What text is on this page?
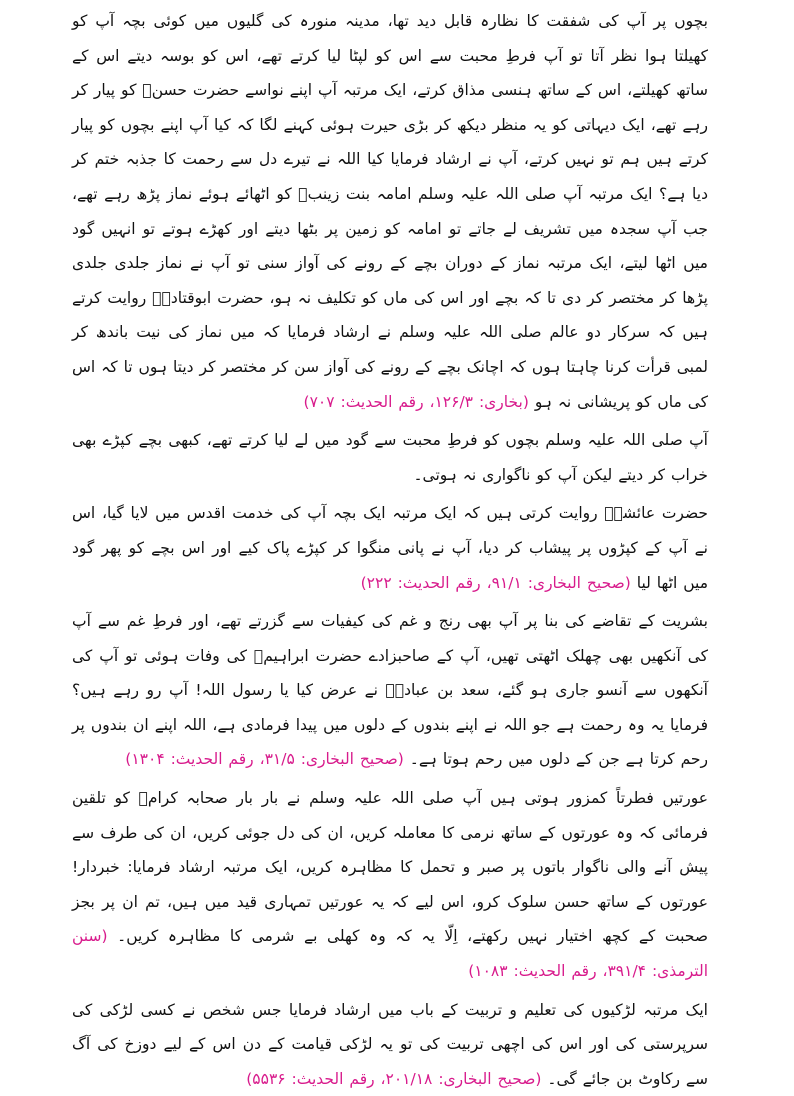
بچوں پر آپ کی شفقت کا نظارہ قابل دید تھا، مدینہ منورہ کی گلیوں میں کوئی بچہ آپ کو کھیلتا ہوا نظر آتا تو آپ فرطِ محبت سے اس کو لپٹا لیا کرتے تھے، اس کو بوسہ دیتے اس کے ساتھ کھیلتے، اس کے ساتھ ہنسی مذاق کرتے، ایک مرتبہ آپ اپنے نواسے حضرت حسنؓ کو پیار کر رہے تھے، ایک دیہاتی کو یہ منظر دیکھ کر بڑی حیرت ہوئی کہنے لگا کہ کیا آپ اپنے بچوں کو پیار کرتے ہیں ہم تو نہیں کرتے، آپ نے ارشاد فرمایا کیا اللہ نے تیرے دل سے رحمت کا جذبہ ختم کر دیا ہے؟ ایک مرتبہ آپ صلی اللہ علیہ وسلم امامہ بنت زینبؓ کو اٹھائے ہوئے نماز پڑھ رہے تھے، جب آپ سجدہ میں تشریف لے جاتے تو امامہ کو زمین پر بٹھا دیتے اور کھڑے ہوتے تو انہیں گود میں اٹھا لیتے، ایک مرتبہ نماز کے دوران بچے کے رونے کی آواز سنی تو آپ نے نماز جلدی جلدی پڑھا کر مختصر کر دی تا کہ بچے اور اس کی ماں کو تکلیف نہ ہو، حضرت ابوقتادہؓ روایت کرتے ہیں کہ سرکار دو عالم صلی اللہ علیہ وسلم نے ارشاد فرمایا کہ میں نماز کی نیت باندھ کر لمبی قرأت کرنا چاہتا ہوں کہ اچانک بچے کے رونے کی آواز سن کر مختصر کر دیتا ہوں تا کہ اس کی ماں کو پریشانی نہ ہو (بخاری: ۱۲۶/۳، رقم الحدیث: ۷۰۷)

آپ صلی اللہ علیہ وسلم بچوں کو فرطِ محبت سے گود میں لے لیا کرتے تھے، کبھی بچے کپڑے بھی خراب کر دیتے لیکن آپ کو ناگواری نہ ہوتی۔

حضرت عائشہؓ روایت کرتی ہیں کہ ایک مرتبہ ایک بچہ آپ کی خدمت اقدس میں لایا گیا، اس نے آپ کے کپڑوں پر پیشاب کر دیا، آپ نے پانی منگوا کر کپڑے پاک کیے اور اس بچے کو پھر گود میں اٹھا لیا (صحیح البخاری: ۹۱/۱، رقم الحدیث: ۲۲۲)

بشریت کے تقاضے کی بنا پر آپ بھی رنج و غم کی کیفیات سے گزرتے تھے، اور فرطِ غم سے آپ کی آنکھیں بھی چھلک اٹھتی تھیں، آپ کے صاحبزادے حضرت ابراہیمؓ کی وفات ہوئی تو آپ کی آنکھوں سے آنسو جاری ہو گئے، سعد بن عبادہؓ نے عرض کیا یا رسول اللہ! آپ رو رہے ہیں؟ فرمایا یہ وہ رحمت ہے جو اللہ نے اپنے بندوں کے دلوں میں پیدا فرمادی ہے، اللہ اپنے ان بندوں پر رحم کرتا ہے جن کے دلوں میں رحم ہوتا ہے۔ (صحیح البخاری: ۳۱/۵، رقم الحدیث: ۱۳۰۴)

عورتیں فطرتاً کمزور ہوتی ہیں آپ صلی اللہ علیہ وسلم نے بار بار صحابہ کرامؓ کو تلقین فرمائی کہ وہ عورتوں کے ساتھ نرمی کا معاملہ کریں، ان کی دل جوئی کریں، ان کی طرف سے پیش آنے والی ناگوار باتوں پر صبر و تحمل کا مظاہرہ کریں، ایک مرتبہ ارشاد فرمایا: خبردار! عورتوں کے ساتھ حسن سلوک کرو، اس لیے کہ یہ عورتیں تمہاری قید میں ہیں، تم ان پر بجز صحبت کے کچھ اختیار نہیں رکھتے، اِلّا یہ کہ وہ کھلی بے شرمی کا مظاہرہ کریں۔ (سنن الترمذی: ۳۹۱/۴، رقم الحدیث: ۱۰۸۳)

ایک مرتبہ لڑکیوں کی تعلیم و تربیت کے باب میں ارشاد فرمایا جس شخص نے کسی لڑکی کی سرپرستی کی اور اس کی اچھی تربیت کی تو یہ لڑکی قیامت کے دن اس کے لیے دوزخ کی آگ سے رکاوٹ بن جائے گی۔ (صحیح البخاری: ۲۰۱/۱۸، رقم الحدیث: ۵۵۳۶)
